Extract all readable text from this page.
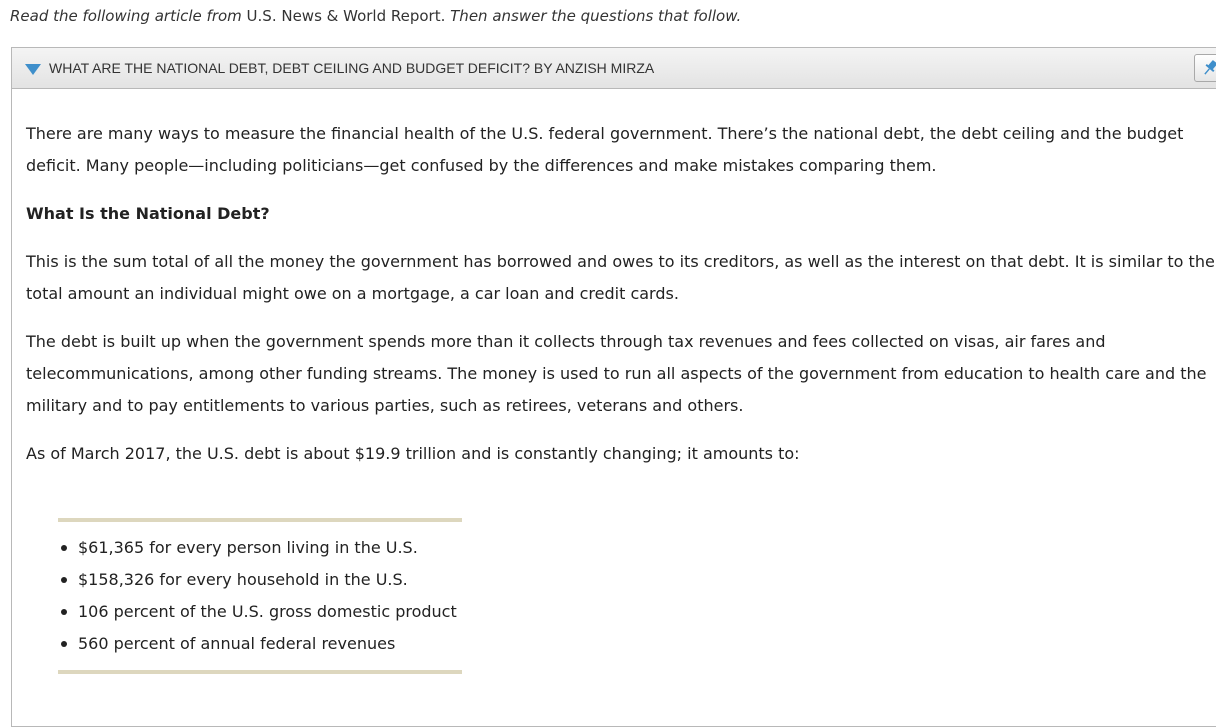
Read the following article from U.S. News & World Report. Then answer the questions that follow.
WHAT ARE THE NATIONAL DEBT, DEBT CEILING AND BUDGET DEFICIT? BY ANZISH MIRZA

There are many ways to measure the financial health of the U.S. federal government. There’s the national debt, the debt ceiling and the budget deficit. Many people—including politicians—get confused by the differences and make mistakes comparing them.

What Is the National Debt?

This is the sum total of all the money the government has borrowed and owes to its creditors, as well as the interest on that debt. It is similar to the total amount an individual might owe on a mortgage, a car loan and credit cards.

The debt is built up when the government spends more than it collects through tax revenues and fees collected on visas, air fares and telecommunications, among other funding streams. The money is used to run all aspects of the government from education to health care and the military and to pay entitlements to various parties, such as retirees, veterans and others.

As of March 2017, the U.S. debt is about $19.9 trillion and is constantly changing; it amounts to:

$61,365 for every person living in the U.S.
$158,326 for every household in the U.S.
106 percent of the U.S. gross domestic product
560 percent of annual federal revenues
